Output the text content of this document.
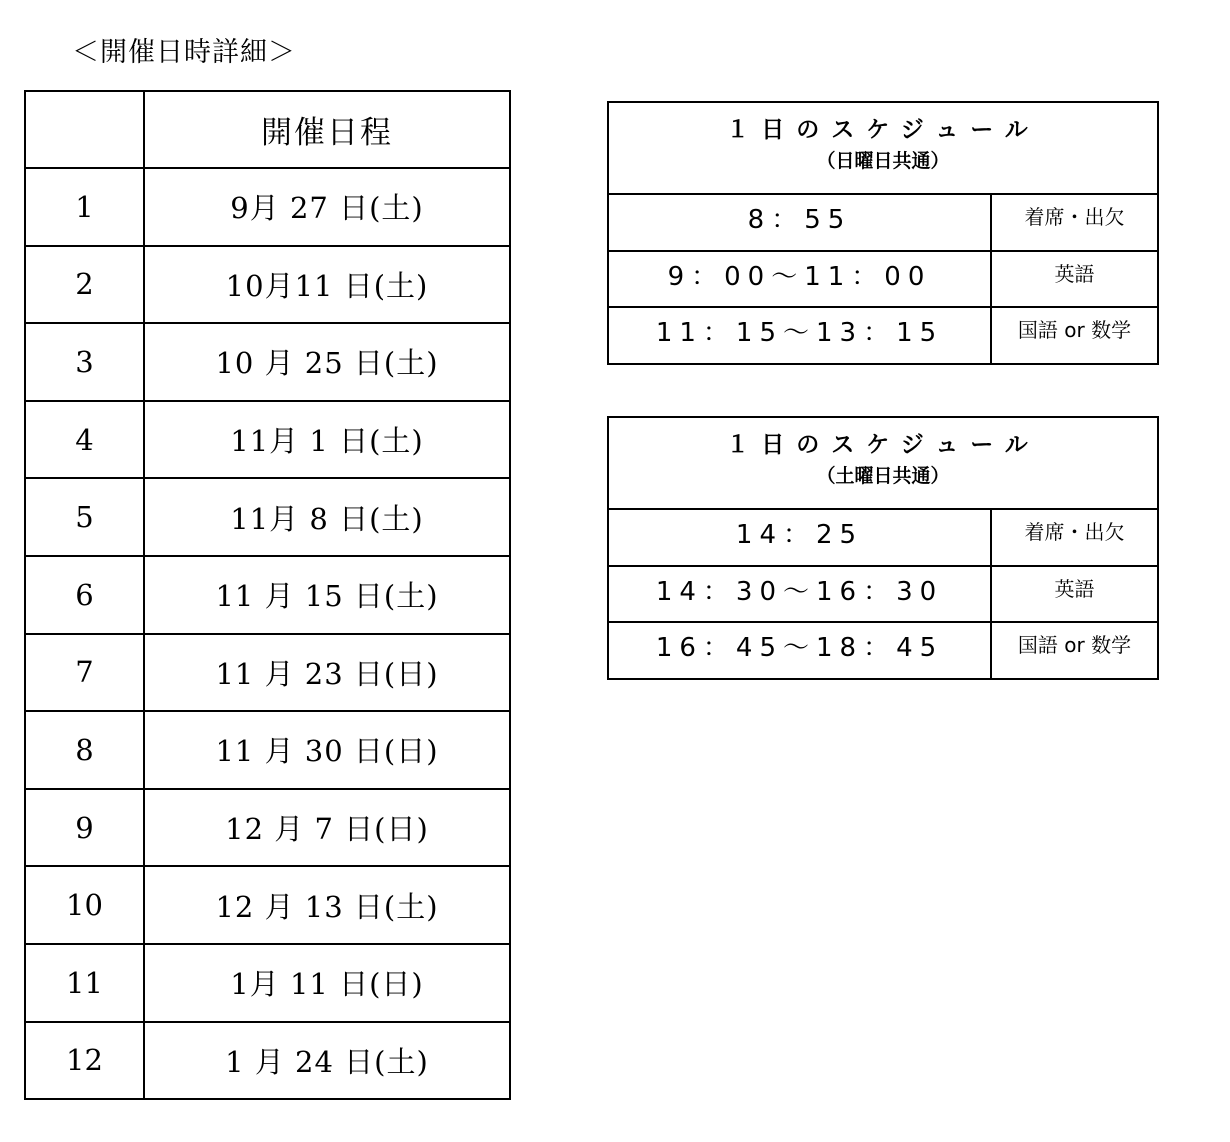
＜開催日時詳細＞
	開催日程
1	9月 27 日(土)
2	10月11 日(土)
3	10 月 25 日(土)
4	11月 1 日(土)
5	11月 8 日(土)
6	11 月 15 日(土)
7	11 月 23 日(日)
8	11 月 30 日(日)
9	12 月 7 日(日)
10	12 月 13 日(土)
11	1月 11 日(日)
12	1 月 24 日(土)
１日のスケジュール
（日曜日共通）	

8：55	着席・出欠
9：00～11：00	英語
11：15～13：15	国語 or 数学
１日のスケジュール
（土曜日共通）	

14：25	着席・出欠
14：30～16：30	英語
16：45～18：45	国語 or 数学
